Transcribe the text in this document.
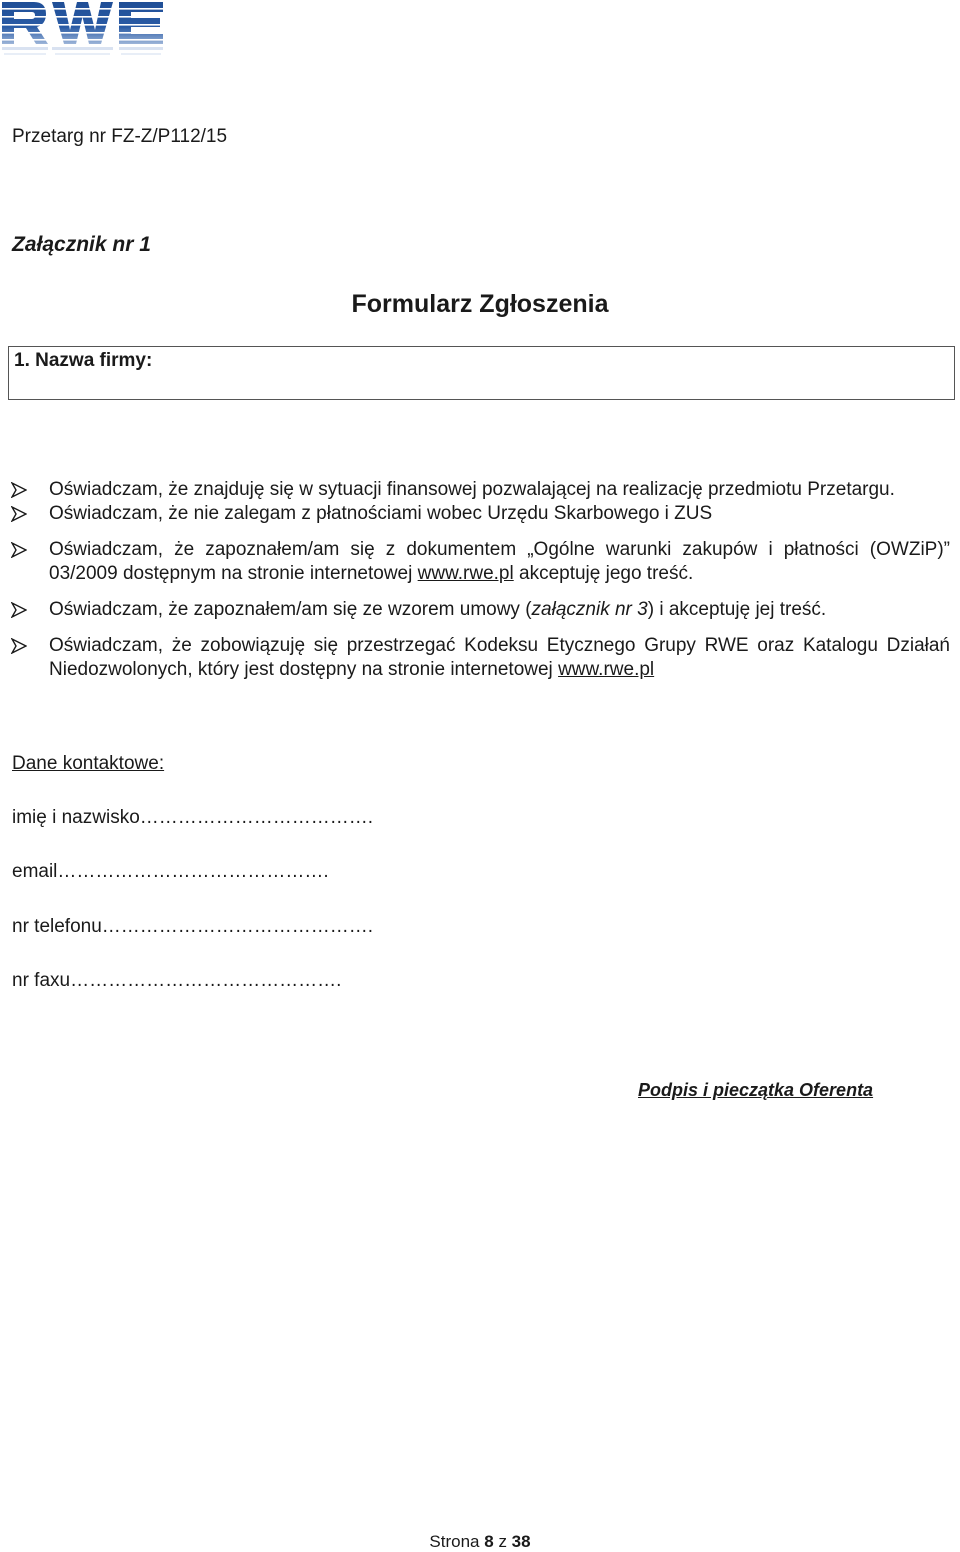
Przetarg nr FZ-Z/P112/15
Załącznik nr 1
Formularz Zgłoszenia
1. Nazwa firmy:
Oświadczam, że znajduję się w sytuacji finansowej pozwalającej na realizację przedmiotu Przetargu.
Oświadczam, że nie zalegam z płatnościami wobec Urzędu Skarbowego i ZUS
Oświadczam, że zapoznałem/am się z dokumentem „Ogólne warunki zakupów i płatności (OWZiP)” 03/2009 dostępnym na stronie internetowej www.rwe.pl akceptuję jego treść.
Oświadczam, że zapoznałem/am się ze wzorem umowy (załącznik nr 3) i akceptuję jej treść.
Oświadczam, że zobowiązuję się przestrzegać Kodeksu Etycznego Grupy RWE oraz Katalogu Działań Niedozwolonych, który jest dostępny na stronie internetowej www.rwe.pl
Dane kontaktowe:
imię i nazwisko……………………………….
email…………………………………….
nr telefonu…………………………………….
nr faxu…………………………………….
Podpis i pieczątka Oferenta
Strona 8 z 38
